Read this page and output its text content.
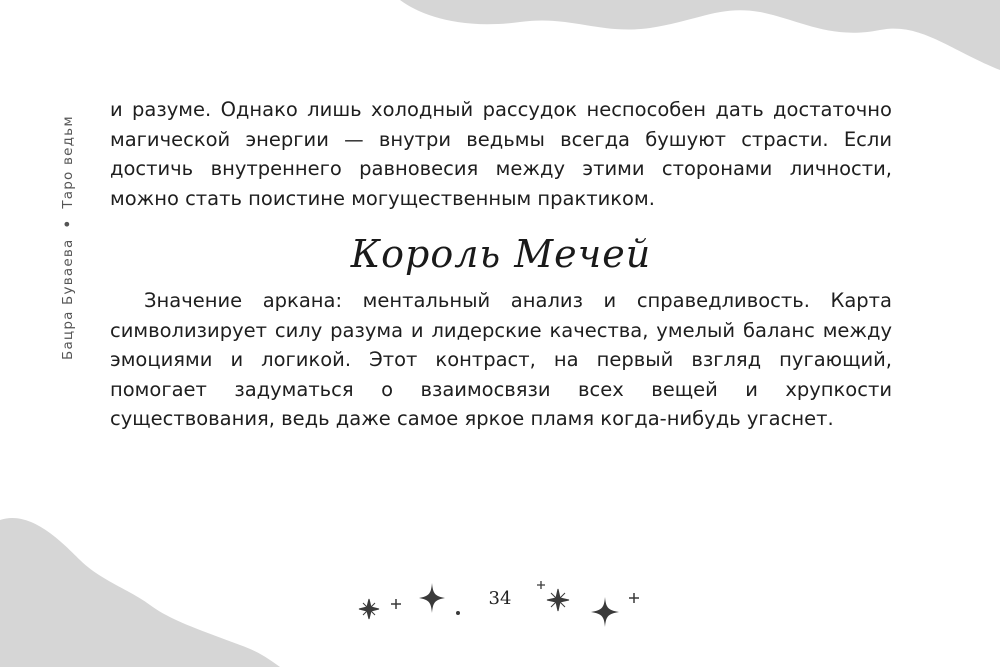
Бацра Буваева•Таро ведьм

и разуме. Однако лишь холодный рассудок неспособен дать достаточно магической энергии — внутри ведьмы всегда бушуют страсти. Если достичь внутреннего равновесия между этими сторонами личности, можно стать поистине могущественным практиком.

Король Мечей

Значение аркана: ментальный анализ и справедливость. Карта символизирует силу разума и лидерские качества, умелый баланс между эмоциями и логикой. Этот контраст, на первый взгляд пугающий, помогает задуматься о взаимосвязи всех вещей и хрупкости существования, ведь даже самое яркое пламя когда-нибудь угаснет.

34
